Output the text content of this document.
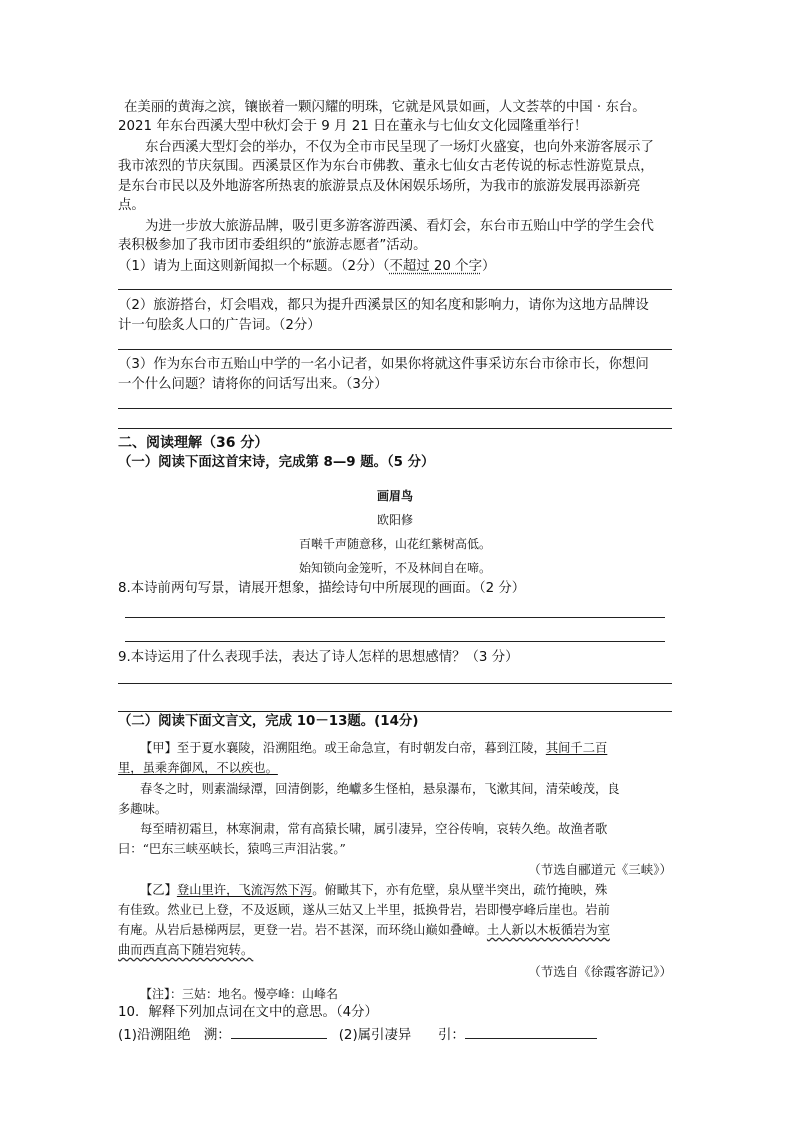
在美丽的黄海之滨，镶嵌着一颗闪耀的明珠，它就是风景如画，人文荟萃的中国 · 东台。
2021 年东台西溪大型中秋灯会于 9 月 21 日在董永与七仙女文化园隆重举行！
东台西溪大型灯会的举办，不仅为全市市民呈现了一场灯火盛宴，也向外来游客展示了
我市浓烈的节庆氛围。西溪景区作为东台市佛教、董永七仙女古老传说的标志性游览景点，
是东台市民以及外地游客所热衷的旅游景点及休闲娱乐场所，为我市的旅游发展再添新亮
点。
为进一步放大旅游品牌，吸引更多游客游西溪、看灯会，东台市五贻山中学的学生会代
表积极参加了我市团市委组织的“旅游志愿者”活动。
（1）请为上面这则新闻拟一个标题。（2分）（不超过 20 个字）
（2）旅游搭台，灯会唱戏，都只为提升西溪景区的知名度和影响力，请你为这地方品牌设
计一句脍炙人口的广告词。（2分）
（3）作为东台市五贻山中学的一名小记者，如果你将就这件事采访东台市徐市长，你想问
一个什么问题？请将你的问话写出来。（3分）
二、阅读理解（36 分）
（一）阅读下面这首宋诗，完成第 8—9 题。（5 分）
画眉鸟
欧阳修
百啭千声随意移，山花红紫树高低。
始知锁向金笼听，不及林间自在啼。
8.本诗前两句写景，请展开想象，描绘诗句中所展现的画面。（2 分）
9.本诗运用了什么表现手法，表达了诗人怎样的思想感情？（3 分）
（二）阅读下面文言文，完成 10－13题。(14分)
【甲】至于夏水襄陵，沿溯阻绝。或王命急宣，有时朝发白帝，暮到江陵，其间千二百
里，虽乘奔御风，不以疾也。
春冬之时，则素湍绿潭，回清倒影，绝巘多生怪柏，悬泉瀑布，飞漱其间，清荣峻茂，良
多趣味。
每至晴初霜旦，林寒涧肃，常有高猿长啸，属引凄异，空谷传响，哀转久绝。故渔者歌
曰：“巴东三峡巫峡长，猿鸣三声泪沾裳。”
（节选自郦道元《三峡》）
【乙】登山里许，飞流泻然下泻。俯瞰其下，亦有危壁，泉从壁半突出，疏竹掩映，殊
有佳致。然业已上登，不及返顾，遂从三姑又上半里，抵换骨岩，岩即慢亭峰后崖也。岩前
有庵。从岩后悬梯两层，更登一岩。岩不甚深，而环绕山巅如叠嶂。土人新以木板循岩为室
曲而西直高下随岩宛转。
（节选自《徐霞客游记》）
【注】：三姑：地名。慢亭峰：山峰名
10．解释下列加点词在文中的意思。（4分）
(1)沿溯阻绝　溯：	(2)属引凄异　　引：
